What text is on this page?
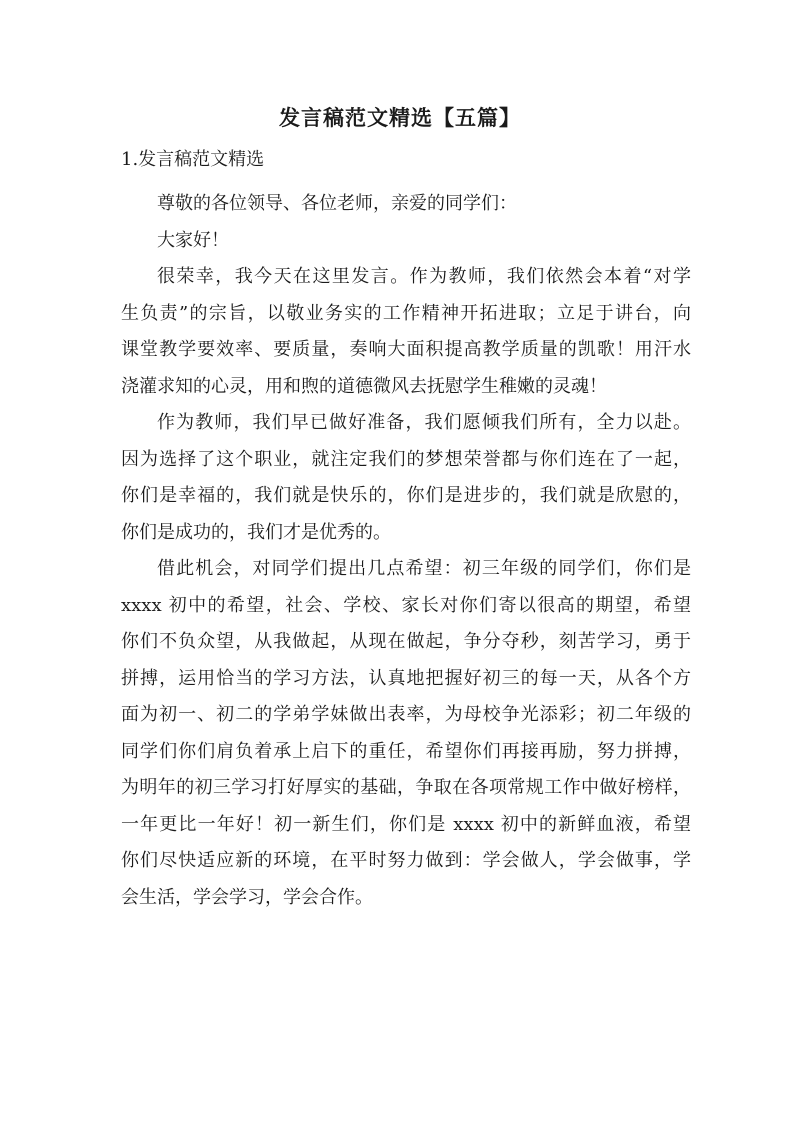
发言稿范文精选【五篇】
1.发言稿范文精选
尊敬的各位领导、各位老师，亲爱的同学们：
大家好！
很荣幸，我今天在这里发言。作为教师，我们依然会本着“对学
生负责”的宗旨，以敬业务实的工作精神开拓进取；立足于讲台，向
课堂教学要效率、要质量，奏响大面积提高教学质量的凯歌！用汗水
浇灌求知的心灵，用和煦的道德微风去抚慰学生稚嫩的灵魂！
作为教师，我们早已做好准备，我们愿倾我们所有，全力以赴。
因为选择了这个职业，就注定我们的梦想荣誉都与你们连在了一起，
你们是幸福的，我们就是快乐的，你们是进步的，我们就是欣慰的，
你们是成功的，我们才是优秀的。
借此机会，对同学们提出几点希望：初三年级的同学们，你们是
xxxx 初中的希望，社会、学校、家长对你们寄以很高的期望，希望
你们不负众望，从我做起，从现在做起，争分夺秒，刻苦学习，勇于
拼搏，运用恰当的学习方法，认真地把握好初三的每一天，从各个方
面为初一、初二的学弟学妹做出表率，为母校争光添彩；初二年级的
同学们你们肩负着承上启下的重任，希望你们再接再励，努力拼搏，
为明年的初三学习打好厚实的基础，争取在各项常规工作中做好榜样，
一年更比一年好！初一新生们，你们是 xxxx 初中的新鲜血液，希望
你们尽快适应新的环境，在平时努力做到：学会做人，学会做事，学
会生活，学会学习，学会合作。
